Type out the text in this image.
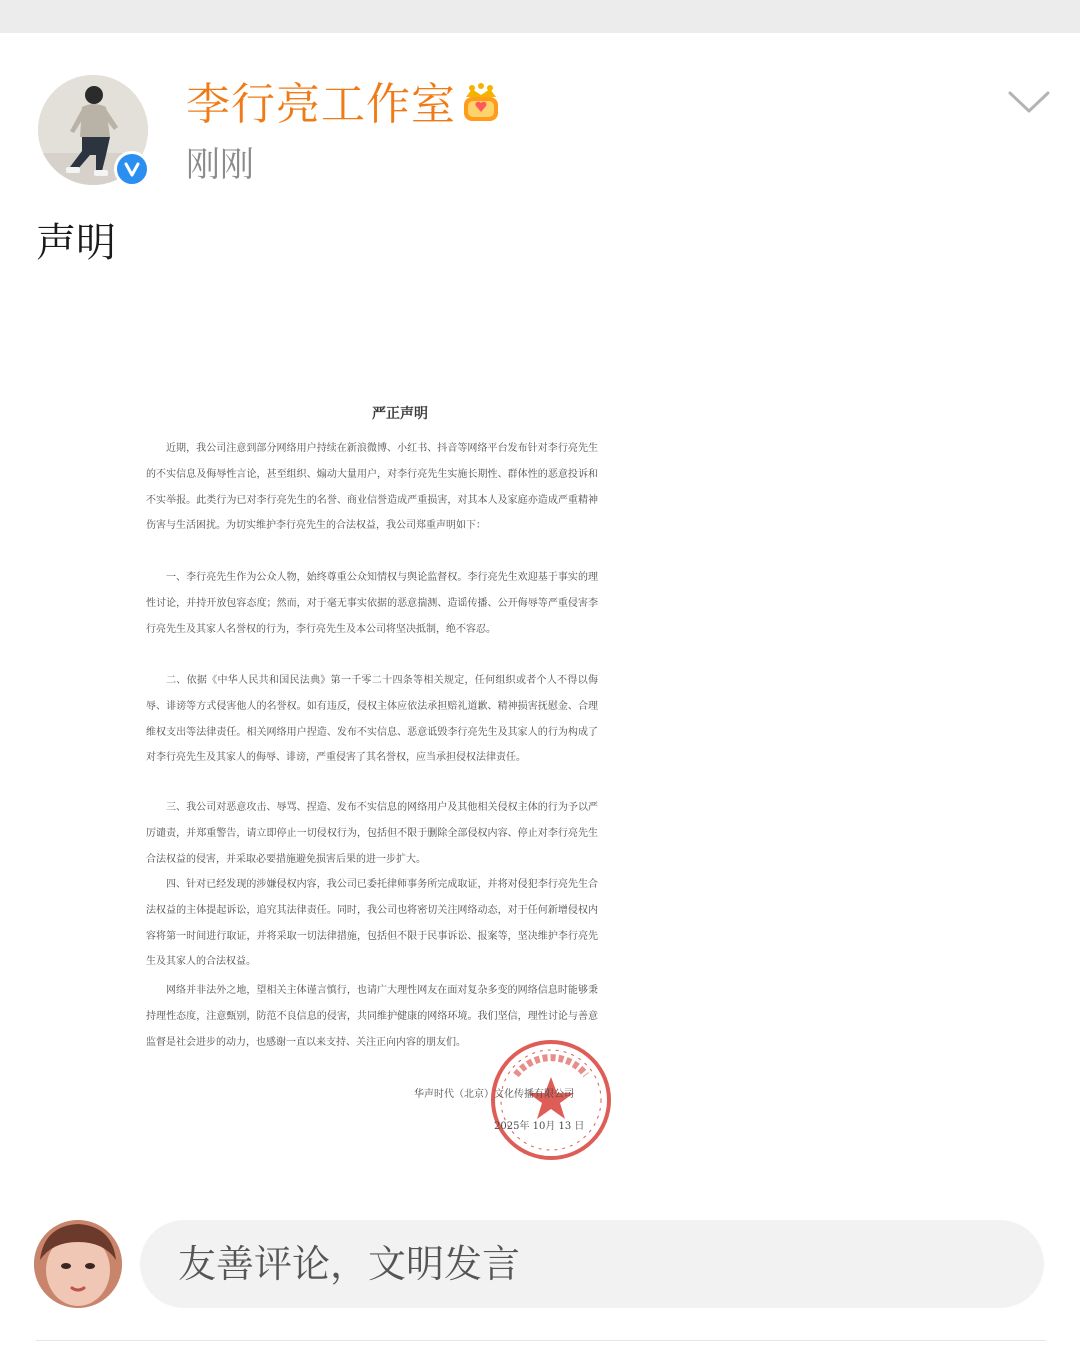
李行亮工作室
刚刚
声明
严正声明

近期，我公司注意到部分网络用户持续在新浪微博、小红书、抖音等网络平台发布针对李行亮先生的不实信息及侮辱性言论，甚至组织、煽动大量用户，对李行亮先生实施长期性、群体性的恶意投诉和不实举报。此类行为已对李行亮先生的名誉、商业信誉造成严重损害，对其本人及家庭亦造成严重精神伤害与生活困扰。为切实维护李行亮先生的合法权益，我公司郑重声明如下：

一、李行亮先生作为公众人物，始终尊重公众知情权与舆论监督权。李行亮先生欢迎基于事实的理性讨论，并持开放包容态度；然而，对于毫无事实依据的恶意揣测、造谣传播、公开侮辱等严重侵害李行亮先生及其家人名誉权的行为，李行亮先生及本公司将坚决抵制，绝不容忍。

二、依据《中华人民共和国民法典》第一千零二十四条等相关规定，任何组织或者个人不得以侮辱、诽谤等方式侵害他人的名誉权。如有违反，侵权主体应依法承担赔礼道歉、精神损害抚慰金、合理维权支出等法律责任。相关网络用户捏造、发布不实信息、恶意诋毁李行亮先生及其家人的行为构成了对李行亮先生及其家人的侮辱、诽谤，严重侵害了其名誉权，应当承担侵权法律责任。

三、我公司对恶意攻击、辱骂、捏造、发布不实信息的网络用户及其他相关侵权主体的行为予以严厉谴责，并郑重警告，请立即停止一切侵权行为，包括但不限于删除全部侵权内容、停止对李行亮先生合法权益的侵害，并采取必要措施避免损害后果的进一步扩大。

四、针对已经发现的涉嫌侵权内容，我公司已委托律师事务所完成取证，并将对侵犯李行亮先生合法权益的主体提起诉讼，追究其法律责任。同时，我公司也将密切关注网络动态，对于任何新增侵权内容将第一时间进行取证，并将采取一切法律措施，包括但不限于民事诉讼、报案等，坚决维护李行亮先生及其家人的合法权益。

网络并非法外之地，望相关主体谨言慎行，也请广大理性网友在面对复杂多变的网络信息时能够秉持理性态度，注意甄别，防范不良信息的侵害，共同维护健康的网络环境。我们坚信，理性讨论与善意监督是社会进步的动力，也感谢一直以来支持、关注正向内容的朋友们。

华声时代（北京）文化传播有限公司
2025年 10月 13 日
友善评论，文明发言
